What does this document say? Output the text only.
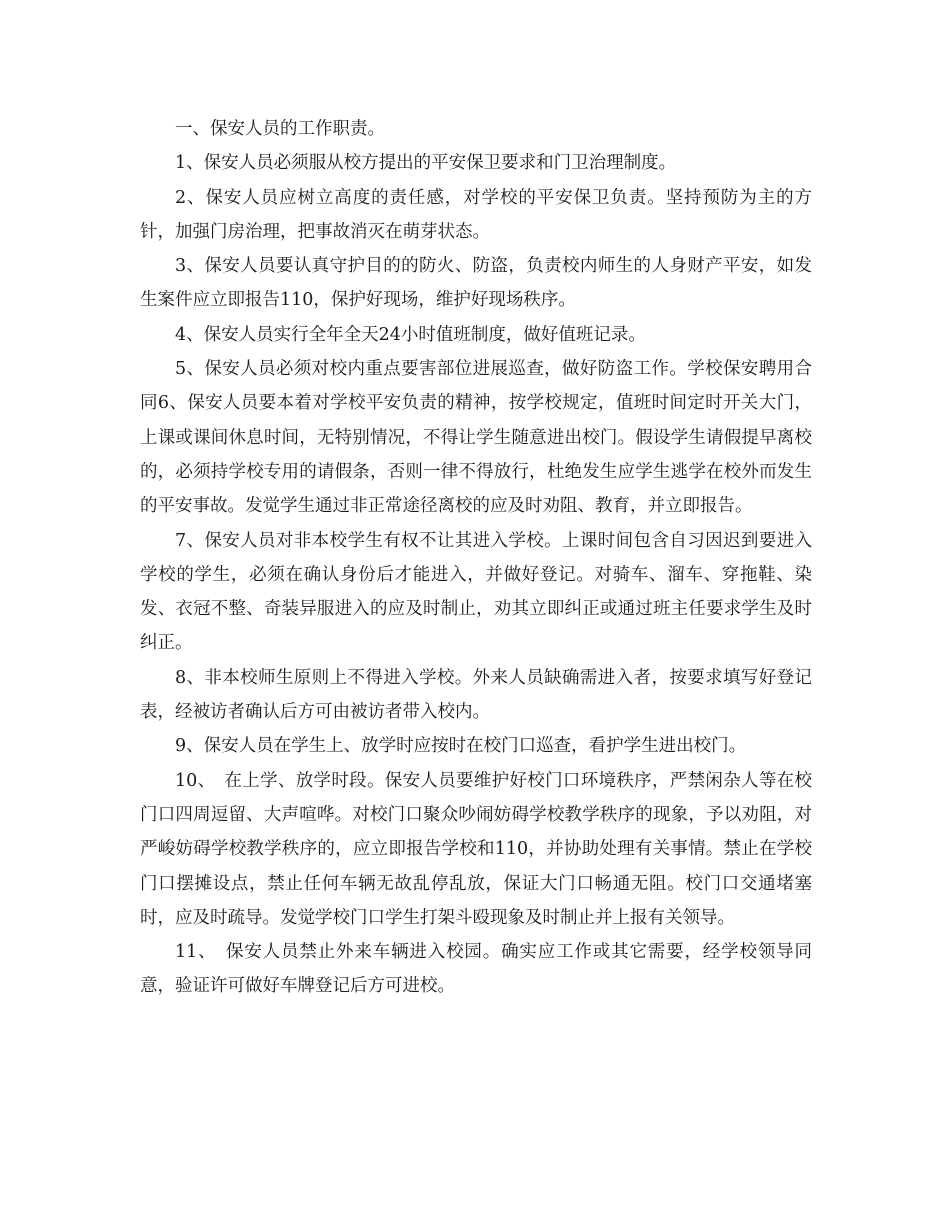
一、保安人员的工作职责。

1、保安人员必须服从校方提出的平安保卫要求和门卫治理制度。

2、保安人员应树立高度的责任感，对学校的平安保卫负责。坚持预防为主的方针，加强门房治理，把事故消灭在萌芽状态。

3、保安人员要认真守护目的的防火、防盗，负责校内师生的人身财产平安，如发生案件应立即报告110，保护好现场，维护好现场秩序。

4、保安人员实行全年全天24小时值班制度，做好值班记录。

5、保安人员必须对校内重点要害部位进展巡查，做好防盗工作。学校保安聘用合同6、保安人员要本着对学校平安负责的精神，按学校规定，值班时间定时开关大门，上课或课间休息时间，无特别情况，不得让学生随意进出校门。假设学生请假提早离校的，必须持学校专用的请假条，否则一律不得放行，杜绝发生应学生逃学在校外而发生的平安事故。发觉学生通过非正常途径离校的应及时劝阻、教育，并立即报告。

7、保安人员对非本校学生有权不让其进入学校。上课时间包含自习因迟到要进入学校的学生，必须在确认身份后才能进入，并做好登记。对骑车、溜车、穿拖鞋、染发、衣冠不整、奇装异服进入的应及时制止，劝其立即纠正或通过班主任要求学生及时纠正。

8、非本校师生原则上不得进入学校。外来人员缺确需进入者，按要求填写好登记表，经被访者确认后方可由被访者带入校内。

9、保安人员在学生上、放学时应按时在校门口巡查，看护学生进出校门。

10、　在上学、放学时段。保安人员要维护好校门口环境秩序，严禁闲杂人等在校门口四周逗留、大声喧哗。对校门口聚众吵闹妨碍学校教学秩序的现象，予以劝阻，对严峻妨碍学校教学秩序的，应立即报告学校和110，并协助处理有关事情。禁止在学校门口摆摊设点，禁止任何车辆无故乱停乱放，保证大门口畅通无阻。校门口交通堵塞时，应及时疏导。发觉学校门口学生打架斗殴现象及时制止并上报有关领导。

11、　保安人员禁止外来车辆进入校园。确实应工作或其它需要，经学校领导同意，验证许可做好车牌登记后方可进校。
